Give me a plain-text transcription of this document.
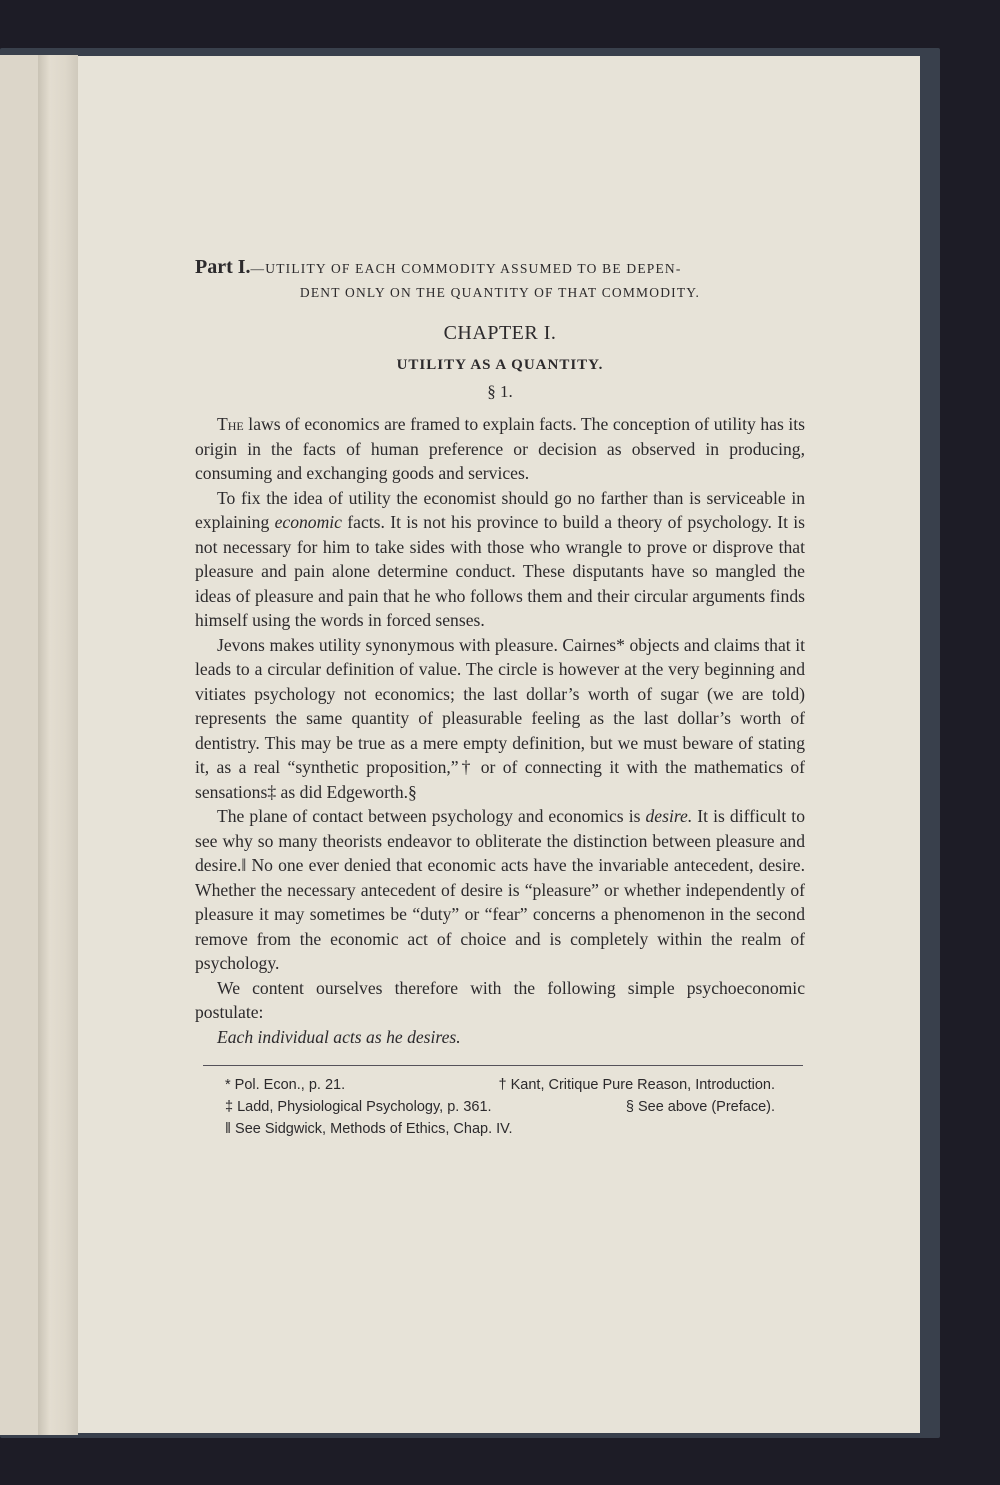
Part I.—UTILITY OF EACH COMMODITY ASSUMED TO BE DEPEN-
DENT ONLY ON THE QUANTITY OF THAT COMMODITY.
CHAPTER I.
UTILITY AS A QUANTITY.
§ 1.

The laws of economics are framed to explain facts. The conception of utility has its origin in the facts of human preference or decision as observed in producing, consuming and exchanging goods and services.

To fix the idea of utility the economist should go no farther than is serviceable in explaining economic facts. It is not his province to build a theory of psychology. It is not necessary for him to take sides with those who wrangle to prove or disprove that pleasure and pain alone determine conduct. These disputants have so mangled the ideas of pleasure and pain that he who follows them and their circular arguments finds himself using the words in forced senses.

Jevons makes utility synonymous with pleasure. Cairnes* objects and claims that it leads to a circular definition of value. The circle is however at the very beginning and vitiates psychology not economics; the last dollar’s worth of sugar (we are told) represents the same quantity of pleasurable feeling as the last dollar’s worth of dentistry. This may be true as a mere empty definition, but we must beware of stating it, as a real “synthetic proposition,”† or of connecting it with the mathematics of sensations‡ as did Edgeworth.§

The plane of contact between psychology and economics is desire. It is difficult to see why so many theorists endeavor to obliterate the distinction between pleasure and desire.‖ No one ever denied that economic acts have the invariable antecedent, desire. Whether the necessary antecedent of desire is “pleasure” or whether independently of pleasure it may sometimes be “duty” or “fear” concerns a phenomenon in the second remove from the economic act of choice and is completely within the realm of psychology.

We content ourselves therefore with the following simple psychoeconomic postulate:

Each individual acts as he desires.

* Pol. Econ., p. 21.	† Kant, Critique Pure Reason, Introduction.
‡ Ladd, Physiological Psychology, p. 361.	§ See above (Preface).
‖ See Sidgwick, Methods of Ethics, Chap. IV.
